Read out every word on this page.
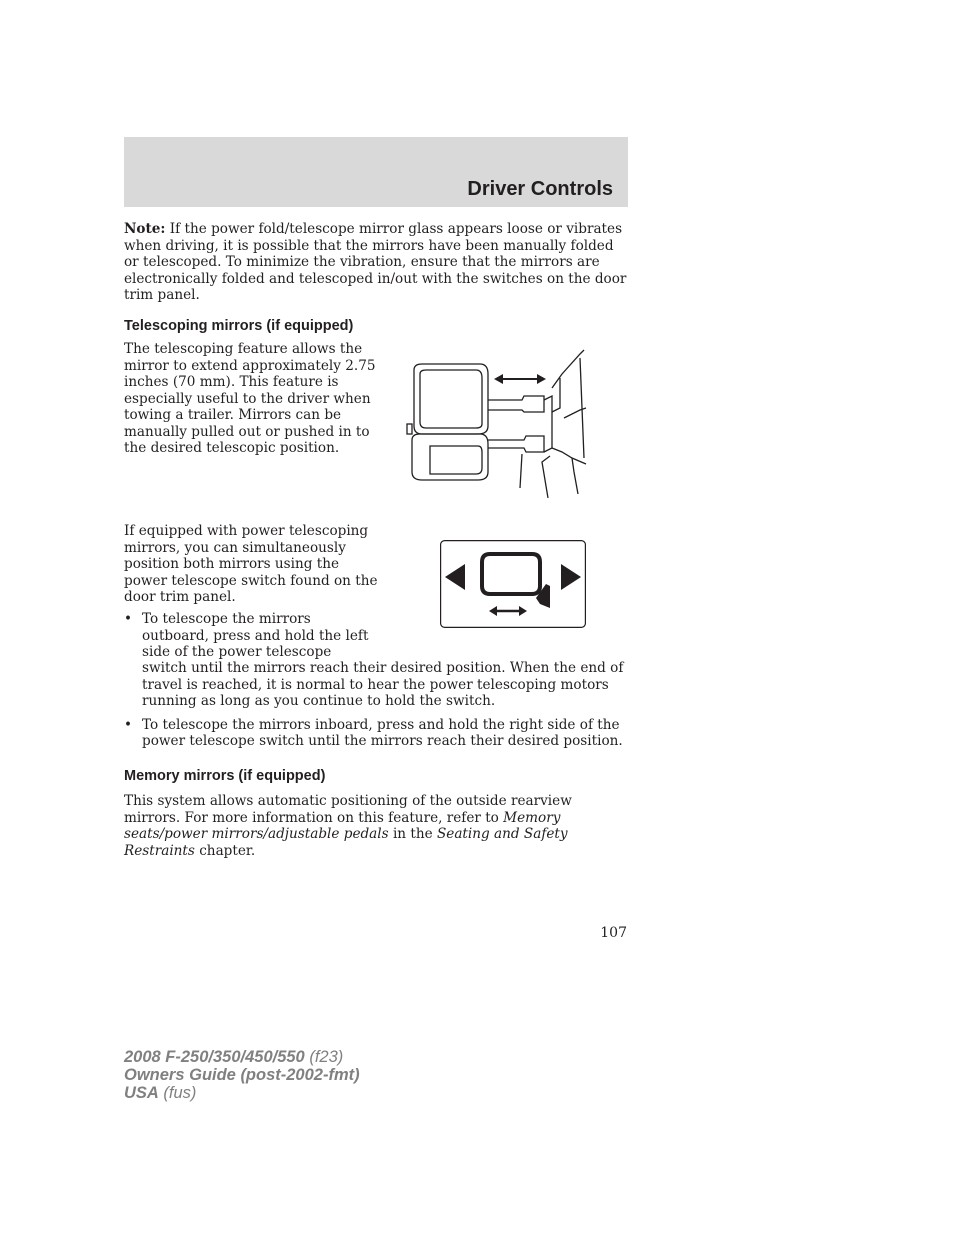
Driver Controls

Note: If the power fold/telescope mirror glass appears loose or vibrates when driving, it is possible that the mirrors have been manually folded or telescoped. To minimize the vibration, ensure that the mirrors are electronically folded and telescoped in/out with the switches on the door trim panel.

Telescoping mirrors (if equipped)

The telescoping feature allows the mirror to extend approximately 2.75 inches (70 mm). This feature is especially useful to the driver when towing a trailer. Mirrors can be manually pulled out or pushed in to the desired telescopic position.

If equipped with power telescoping mirrors, you can simultaneously position both mirrors using the power telescope switch found on the door trim panel.

• To telescope the mirrors
outboard, press and hold the left
side of the power telescope
switch until the mirrors reach their desired position. When the end of
travel is reached, it is normal to hear the power telescoping motors
running as long as you continue to hold the switch.
• To telescope the mirrors inboard, press and hold the right side of the
power telescope switch until the mirrors reach their desired position.
Memory mirrors (if equipped)

This system allows automatic positioning of the outside rearview mirrors. For more information on this feature, refer to Memory seats/power mirrors/adjustable pedals in the Seating and Safety Restraints chapter.

107
2008 F-250/350/450/550 (f23)
Owners Guide (post-2002-fmt)
USA (fus)
